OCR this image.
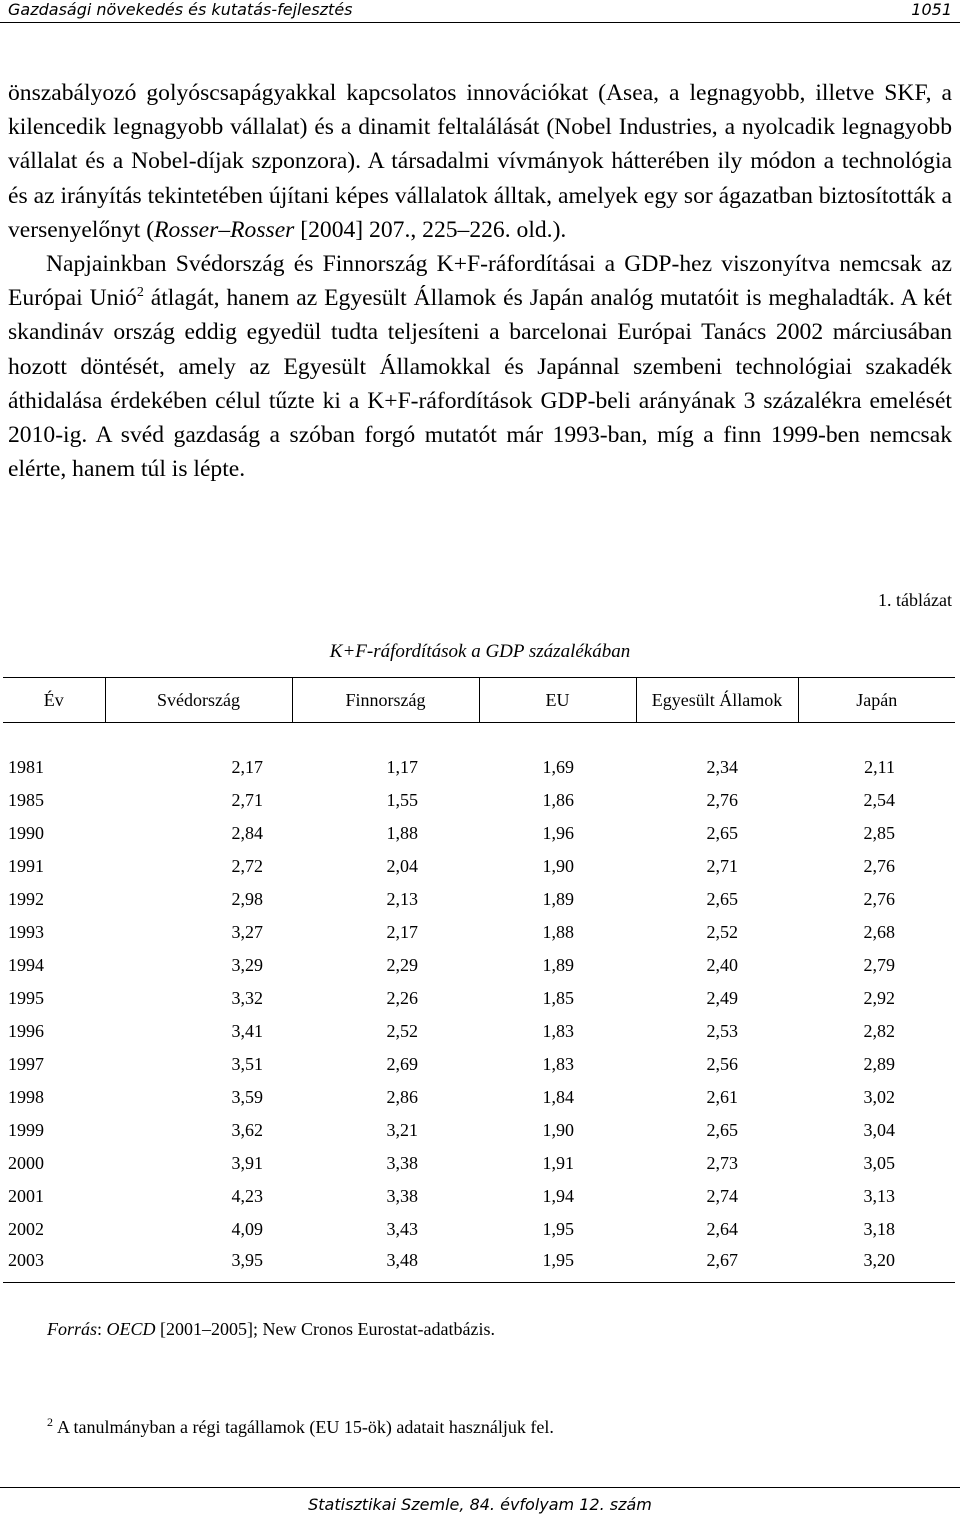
Gazdasági növekedés és kutatás-fejlesztés	1051

önszabályozó golyóscsapágyakkal kapcsolatos innovációkat (Asea, a legnagyobb, illetve SKF, a kilencedik legnagyobb vállalat) és a dinamit feltalálását (Nobel Industries, a nyolcadik legnagyobb vállalat és a Nobel-díjak szponzora). A társadalmi vívmányok hátterében ily módon a technológia és az irányítás tekintetében újítani képes vállalatok álltak, amelyek egy sor ágazatban biztosították a versenyelőnyt (Rosser–Rosser [2004] 207., 225–226. old.).

Napjainkban Svédország és Finnország K+F-ráfordításai a GDP-hez viszonyítva nemcsak az Európai Unió$^2$ átlagát, hanem az Egyesült Államok és Japán analóg mutatóit is meghaladták. A két skandináv ország eddig egyedül tudta teljesíteni a barcelonai Európai Tanács 2002 márciusában hozott döntését, amely az Egyesült Államokkal és Japánnal szembeni technológiai szakadék áthidalása érdekében célul tűzte ki a K+F-ráfordítások GDP-beli arányának 3 százalékra emelését 2010-ig. A svéd gazdaság a szóban forgó mutatót már 1993-ban, míg a finn 1999-ben nemcsak elérte, hanem túl is lépte.

1. táblázat
K+F-ráfordítások a GDP százalékában
Év	Svédország	Finnország	EU	Egyesült Államok	Japán

1981	2,17	1,17	1,69	2,34	2,11
1985	2,71	1,55	1,86	2,76	2,54
1990	2,84	1,88	1,96	2,65	2,85
1991	2,72	2,04	1,90	2,71	2,76
1992	2,98	2,13	1,89	2,65	2,76
1993	3,27	2,17	1,88	2,52	2,68
1994	3,29	2,29	1,89	2,40	2,79
1995	3,32	2,26	1,85	2,49	2,92
1996	3,41	2,52	1,83	2,53	2,82
1997	3,51	2,69	1,83	2,56	2,89
1998	3,59	2,86	1,84	2,61	3,02
1999	3,62	3,21	1,90	2,65	3,04
2000	3,91	3,38	1,91	2,73	3,05
2001	4,23	3,38	1,94	2,74	3,13
2002	4,09	3,43	1,95	2,64	3,18
2003	3,95	3,48	1,95	2,67	3,20
Forrás: OECD [2001–2005]; New Cronos Eurostat-adatbázis.
$^2$ A tanulmányban a régi tagállamok (EU 15-ök) adatait használjuk fel.
Statisztikai Szemle, 84. évfolyam 12. szám
